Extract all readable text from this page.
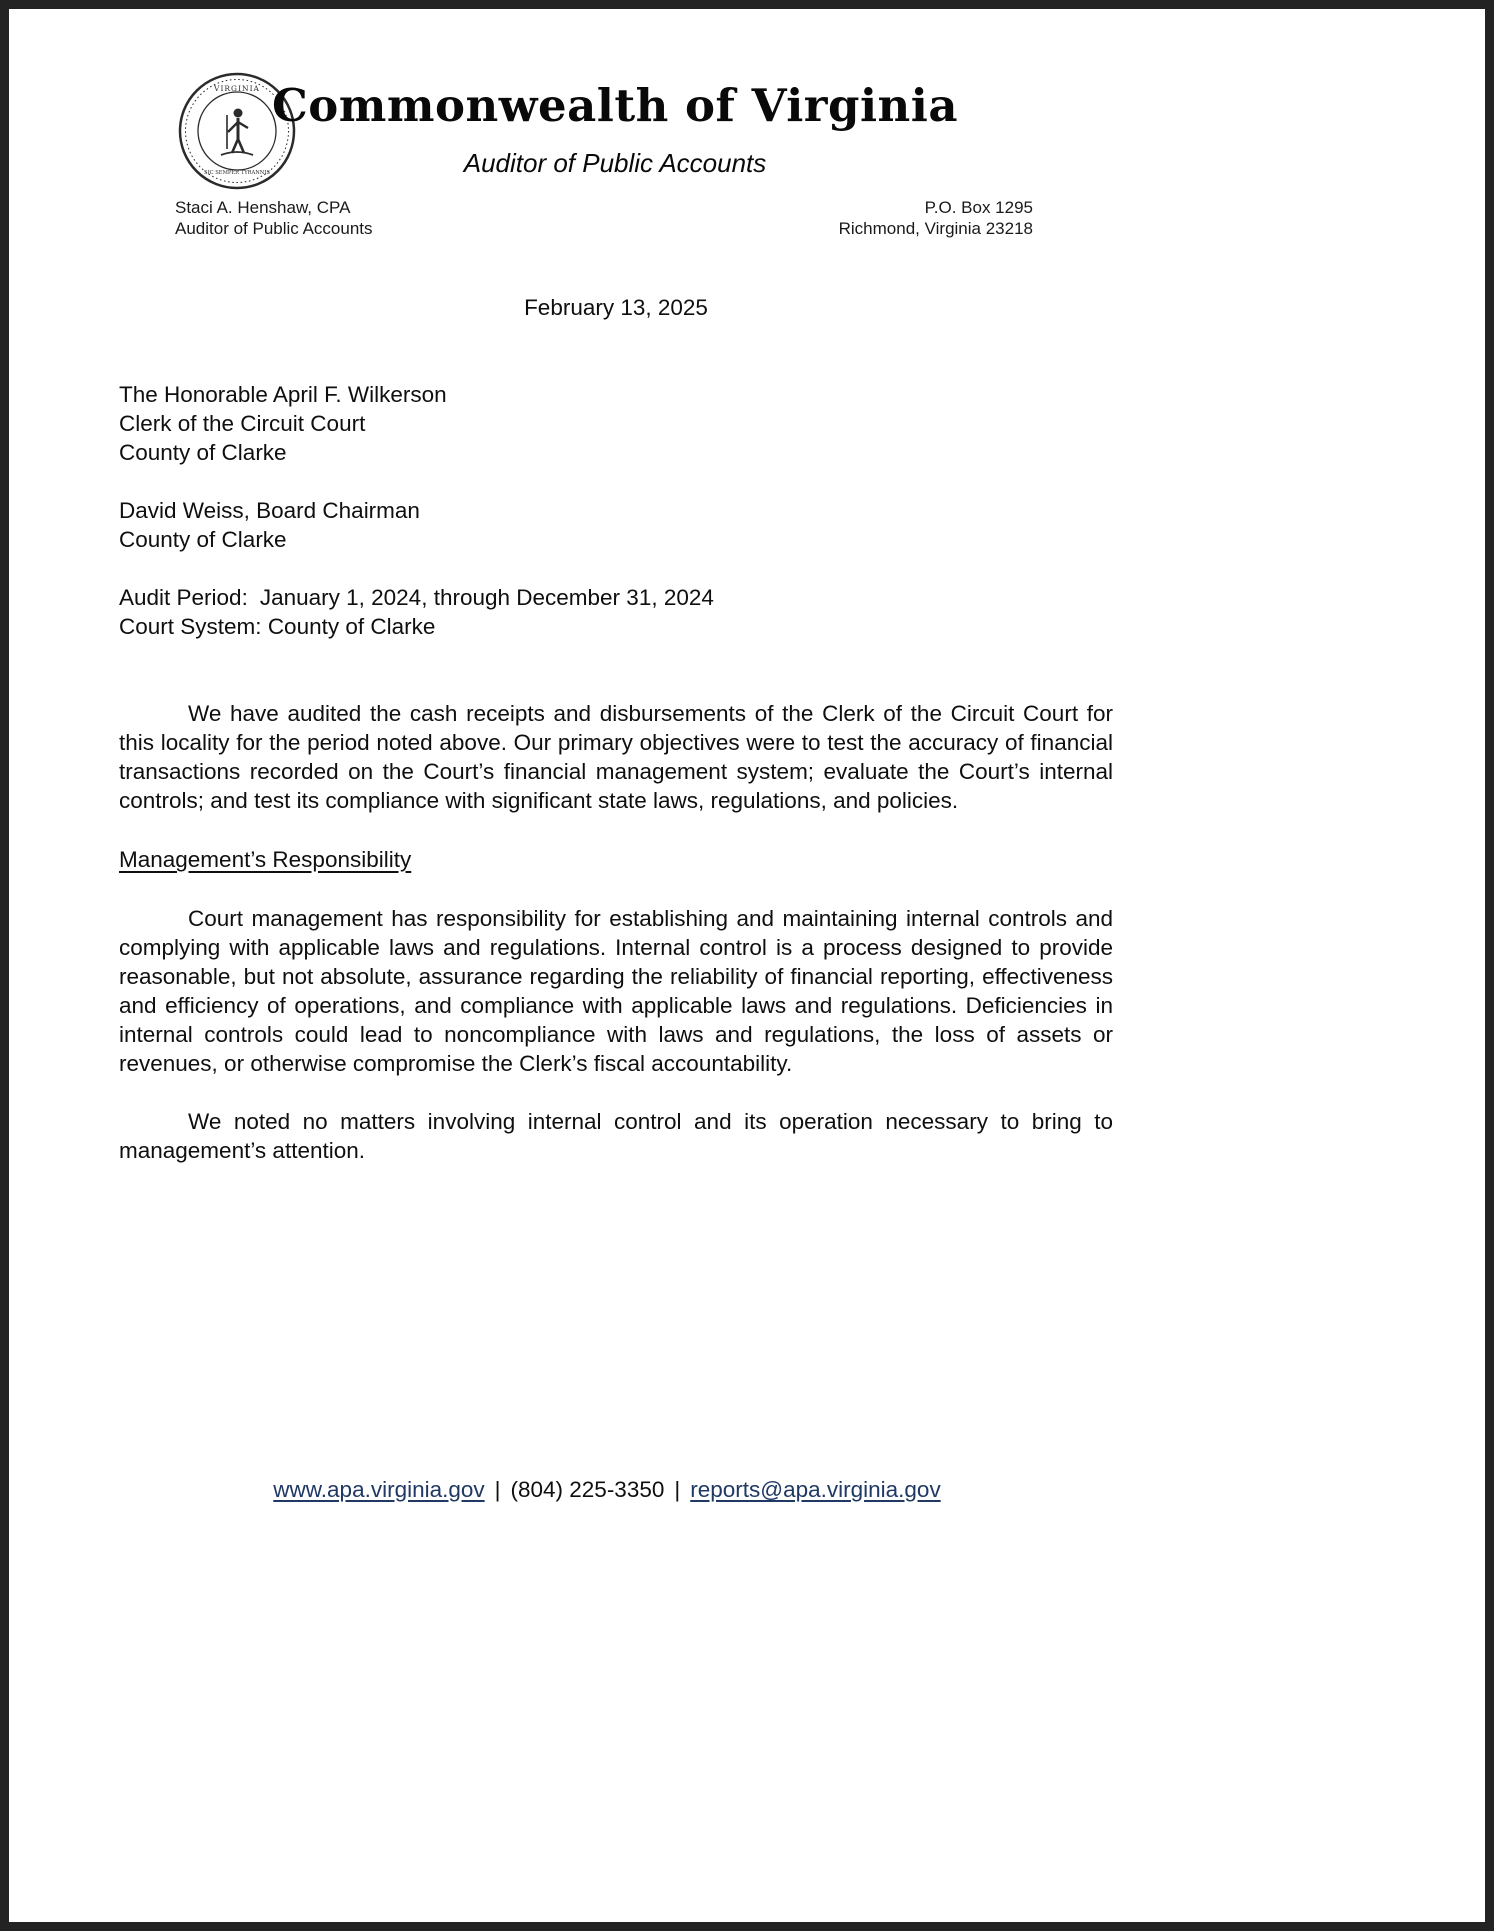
VIRGINIA
SIC SEMPER TYRANNIS
Commonwealth of Virginia
Auditor of Public Accounts
Staci A. Henshaw, CPA
Auditor of Public Accounts
P.O. Box 1295
Richmond, Virginia 23218
February 13, 2025
The Honorable April F. Wilkerson
Clerk of the Circuit Court
County of Clarke
David Weiss, Board Chairman
County of Clarke
Audit Period: January 1, 2024, through December 31, 2024
Court System: County of Clarke

We have audited the cash receipts and disbursements of the Clerk of the Circuit Court for this locality for the period noted above. Our primary objectives were to test the accuracy of financial transactions recorded on the Court’s financial management system; evaluate the Court’s internal controls; and test its compliance with significant state laws, regulations, and policies.

Management’s Responsibility

Court management has responsibility for establishing and maintaining internal controls and complying with applicable laws and regulations. Internal control is a process designed to provide reasonable, but not absolute, assurance regarding the reliability of financial reporting, effectiveness and efficiency of operations, and compliance with applicable laws and regulations. Deficiencies in internal controls could lead to noncompliance with laws and regulations, the loss of assets or revenues, or otherwise compromise the Clerk’s fiscal accountability.

We noted no matters involving internal control and its operation necessary to bring to management’s attention.

www.apa.virginia.gov | (804) 225-3350 | reports@apa.virginia.gov
